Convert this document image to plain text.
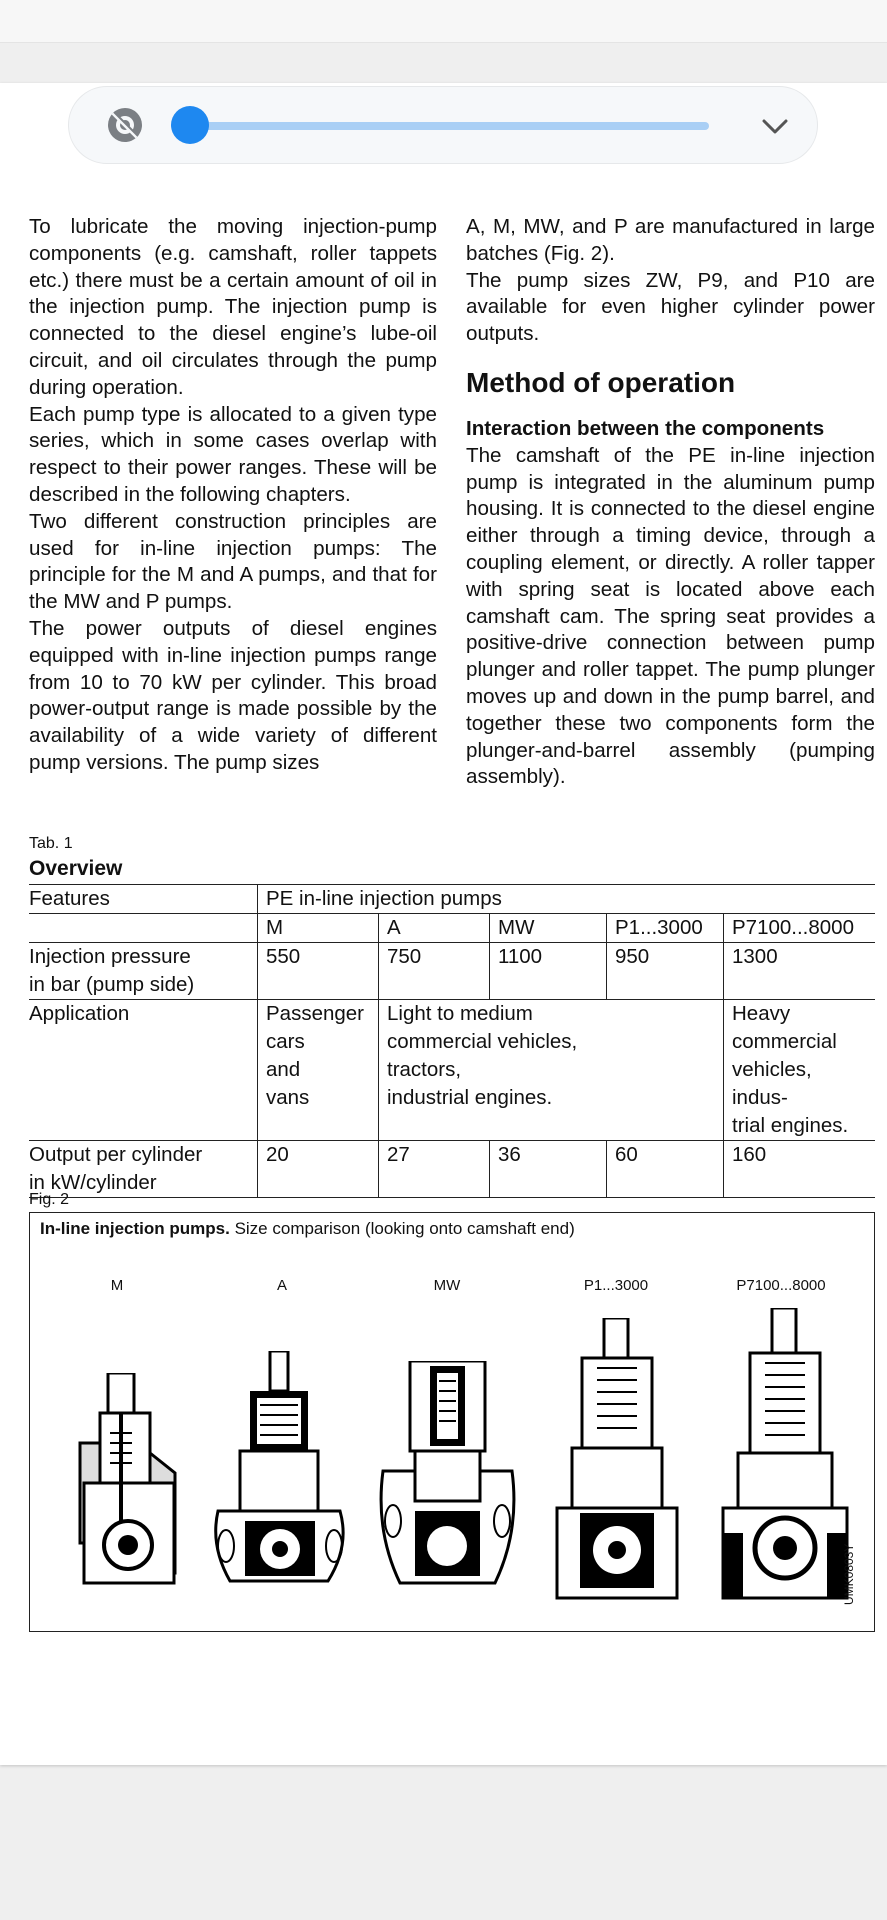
To lubricate the moving injection-pump components (e.g. camshaft, roller tappets etc.) there must be a certain amount of oil in the injection pump. The injection pump is connected to the diesel engine’s lube-oil circuit, and oil circulates through the pump during operation.

Each pump type is allocated to a given type series, which in some cases overlap with respect to their power ranges. These will be described in the following chapters.

Two different construction principles are used for in-line injection pumps: The principle for the M and A pumps, and that for the MW and P pumps.

The power outputs of diesel engines equipped with in-line injection pumps range from 10 to 70 kW per cylinder. This broad power-output range is made possible by the availability of a wide variety of different pump versions. The pump sizes

A, M, MW, and P are manufactured in large batches (Fig. 2).

The pump sizes ZW, P9, and P10 are available for even higher cylinder power outputs.

Method of operation

Interaction between the components

The camshaft of the PE in-line injection pump is integrated in the aluminum pump housing. It is connected to the diesel engine either through a timing device, through a coupling element, or directly. A roller tapper with spring seat is located above each camshaft cam. The spring seat provides a positive-drive connection between pump plunger and roller tappet. The pump plunger moves up and down in the pump barrel, and together these two components form the plunger-and-barrel assembly (pumping assembly).

Tab. 1
Overview
Features	PE in-line injection pumps				
	M	A	MW	P1...3000	P7100...8000
Injection pressure
in bar (pump side)	550	750	1100	950	1300
Application	Passenger
cars
and
vans	Light to medium
commercial vehicles,
tractors,
industrial engines.			Heavy
commercial
vehicles, indus-
trial engines.
Output per cylinder
in kW/cylinder	20	27	36	60	160
Fig. 2
In-line injection pumps. Size comparison (looking onto camshaft end)
M	A	MW	P1...3000	P7100...8000
UMK0803Y
